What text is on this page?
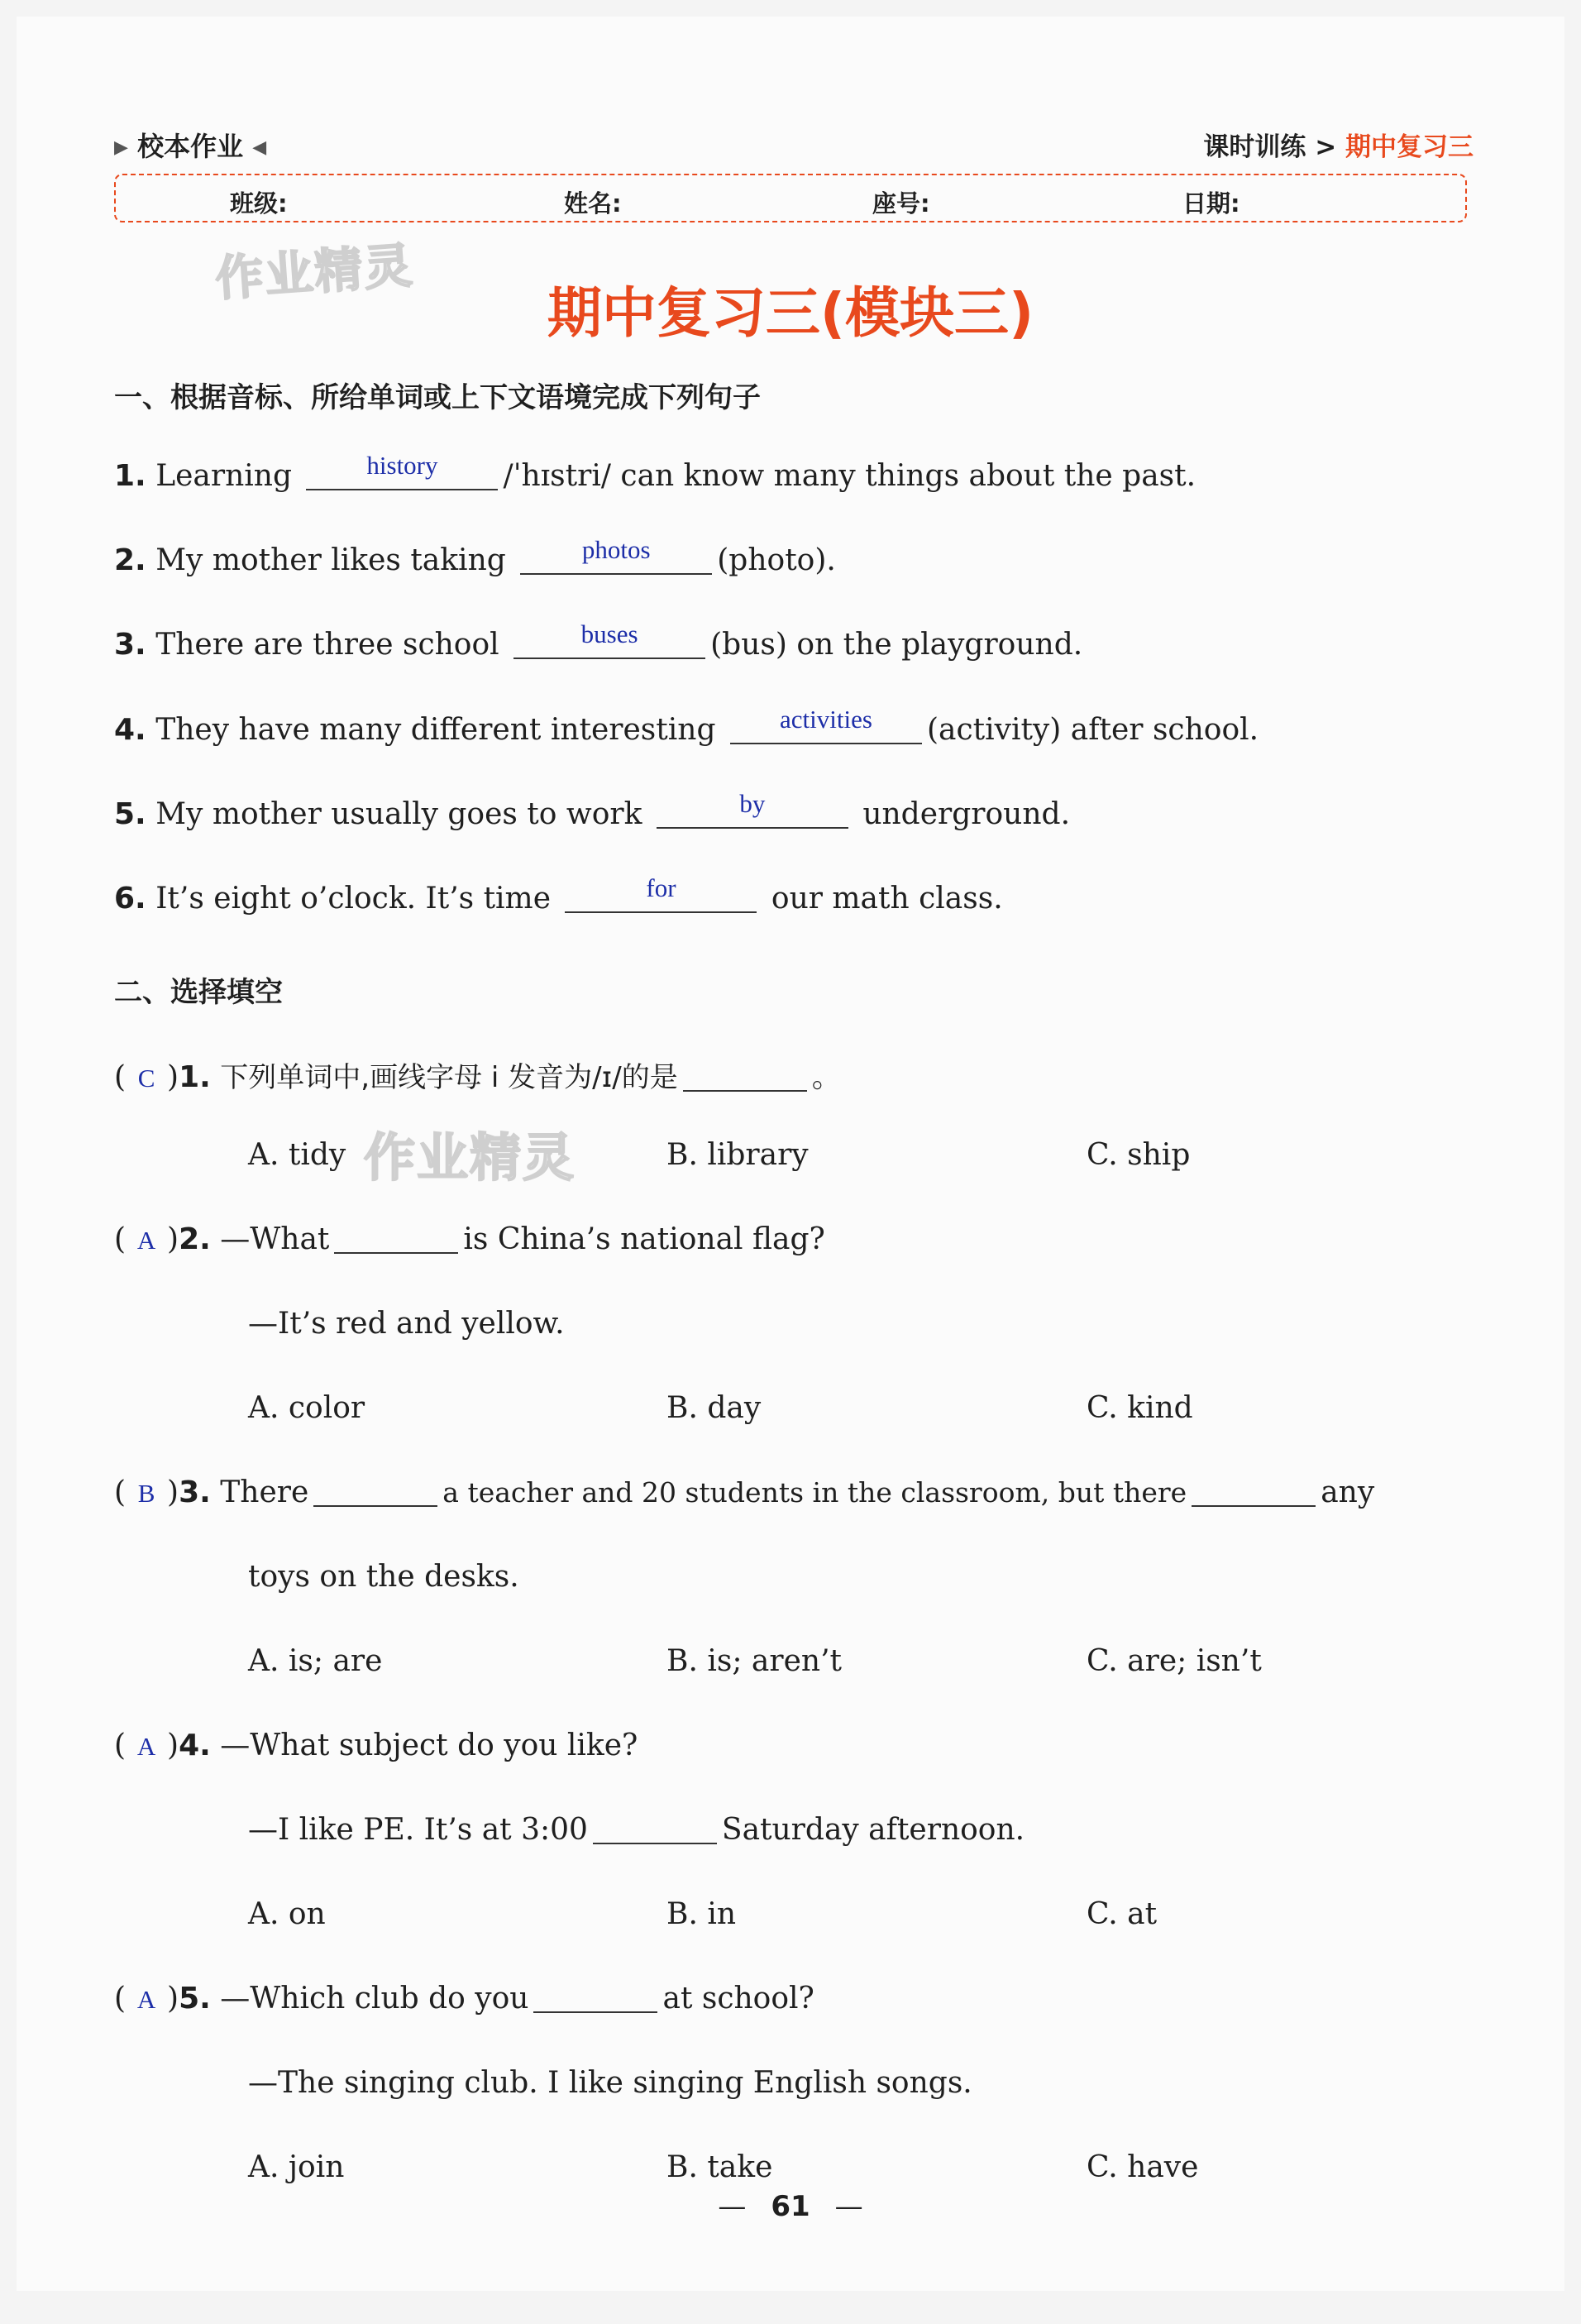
▶ 校本作业 ◀	课时训练 > 期中复习三
班级:	姓名:	座号:	日期:
作业精灵
作业精灵
期中复习三(模块三)
一、根据音标、所给单词或上下文语境完成下列句子
1. Learning	history	/ˈhɪstri/ can know many things about the past.
2. My mother likes taking	photos	(photo).
3. There are three school	buses	(bus) on the playground.
4. They have many different interesting	activities	(activity) after school.
5. My mother usually goes to work	by	underground.
6. It’s eight o’clock. It’s time	for	our math class.
二、选择填空
( C )1. 下列单词中,画线字母 i 发音为/ɪ/的是	。
A. tidy	B. library	C. ship
( A )2. —What	is China’s national flag?
—It’s red and yellow.
A. color	B. day	C. kind
( B )3. There	a teacher and 20 students in the classroom, but there	any
toys on the desks.
A. is; are	B. is; aren’t	C. are; isn’t
( A )4. —What subject do you like?
—I like PE. It’s at 3:00	Saturday afternoon.
A. on	B. in	C. at
( A )5. —Which club do you	at school?
—The singing club. I like singing English songs.
A. join	B. take	C. have
— 61 —
